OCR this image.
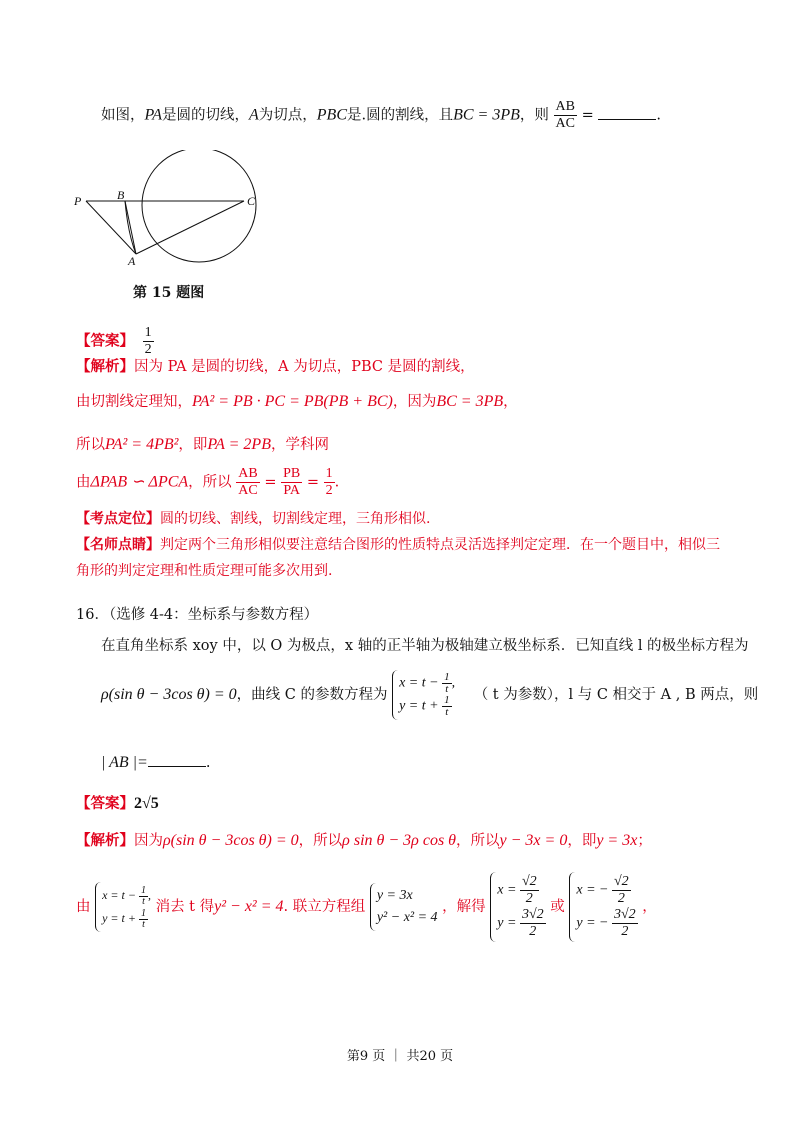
如图，PA是圆的切线，A为切点，PBC是.圆的割线，且BC = 3PB，则 $\frac{AB}{AC}$ =	.
P	B	C
A
第 15 题图
【答案】 $\frac{1}{2}$
【解析】因为 PA 是圆的切线，A 为切点，PBC 是圆的割线，
由切割线定理知，PA² = PB · PC = PB(PB + BC)，因为BC = 3PB，
所以PA² = 4PB²，即PA = 2PB，学科网
由ΔPAB ∽ ΔPCA，所以 $\frac{AB}{AC} = \frac{PB}{PA} = \frac{1}{2}$ .
【考点定位】圆的切线、割线，切割线定理，三角形相似.
【名师点睛】判定两个三角形相似要注意结合图形的性质特点灵活选择判定定理．在一个题目中，相似三
角形的判定定理和性质定理可能多次用到.
16．（选修 4-4：坐标系与参数方程）
在直角坐标系 xoy 中，以 O 为极点，x 轴的正半轴为极轴建立极坐标系．已知直线 l 的极坐标方程为
ρ(sin θ − 3cos θ) = 0，曲线 C 的参数方程为
$x = t - \frac{1}{t}$ ,
$y = t + \frac{1}{t}$ （ t 为参数），l 与 C 相交于 A , B 两点，则
| AB |=	.
【答案】2√5
【解析】因为ρ(sin θ − 3cos θ) = 0，所以ρ sin θ − 3ρ cos θ，所以y − 3x = 0，即y = 3x；
由
$x = t - \frac{1}{t}$ ,
$y = t + \frac{1}{t}$
消去 t 得y² − x² = 4. 联立方程组
y = 3x
y² − x² = 4
，解得
$x = \frac{√2}{2}$
$y = \frac{3√2}{2}$ 或
x = − $\frac{√2}{2}$
y = − $\frac{3√2}{2}$ ，
第9 页 ｜ 共20 页
